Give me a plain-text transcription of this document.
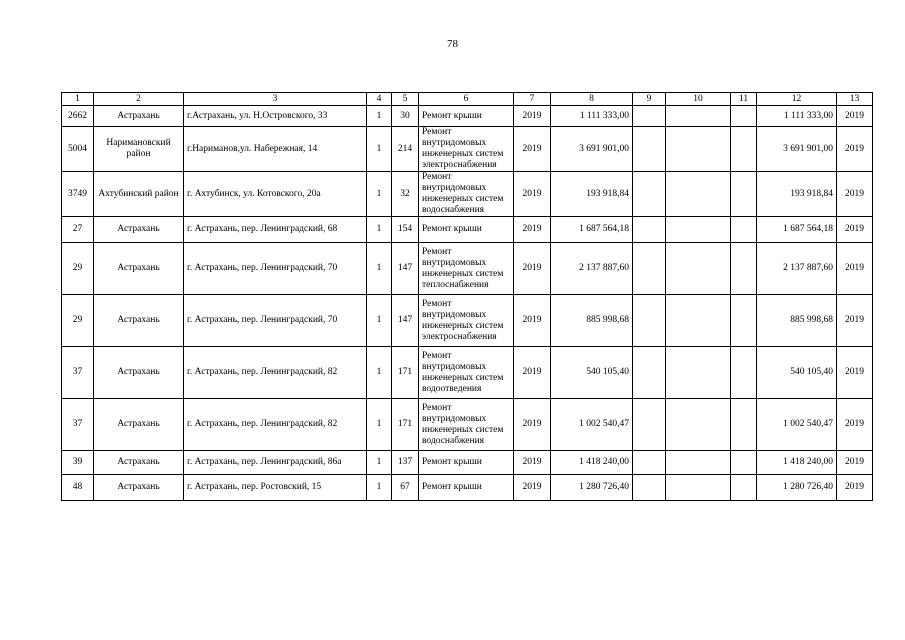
78
1	2	3	4	5	6	7	8	9	10	11	12	13
2662	Астрахань	г.Астрахань, ул. Н.Островского, 33	1	30	Ремонт крыши	2019	1 111 333,00				1 111 333,00	2019
5004	Наримановский район	г.Нариманов,ул. Набережная, 14	1	214	Ремонт внутридомовых инженерных систем электроснабжения	2019	3 691 901,00				3 691 901,00	2019
3749	Ахтубинский район	г. Ахтубинск, ул. Котовского, 20а	1	32	Ремонт внутридомовых инженерных систем водоснабжения	2019	193 918,84				193 918,84	2019
27	Астрахань	г. Астрахань, пер. Ленинградский, 68	1	154	Ремонт крыши	2019	1 687 564,18				1 687 564,18	2019
29	Астрахань	г. Астрахань, пер. Ленинградский, 70	1	147	Ремонт внутридомовых инженерных систем теплоснабжения	2019	2 137 887,60				2 137 887,60	2019
29	Астрахань	г. Астрахань, пер. Ленинградский, 70	1	147	Ремонт внутридомовых инженерных систем электроснабжения	2019	885 998,68				885 998,68	2019
37	Астрахань	г. Астрахань, пер. Ленинградский, 82	1	171	Ремонт внутридомовых инженерных систем водоотведения	2019	540 105,40				540 105,40	2019
37	Астрахань	г. Астрахань, пер. Ленинградский, 82	1	171	Ремонт внутридомовых инженерных систем водоснабжения	2019	1 002 540,47				1 002 540,47	2019
39	Астрахань	г. Астрахань, пер. Ленинградский, 86а	1	137	Ремонт крыши	2019	1 418 240,00				1 418 240,00	2019
48	Астрахань	г. Астрахань, пер. Ростовский, 15	1	67	Ремонт крыши	2019	1 280 726,40				1 280 726,40	2019
